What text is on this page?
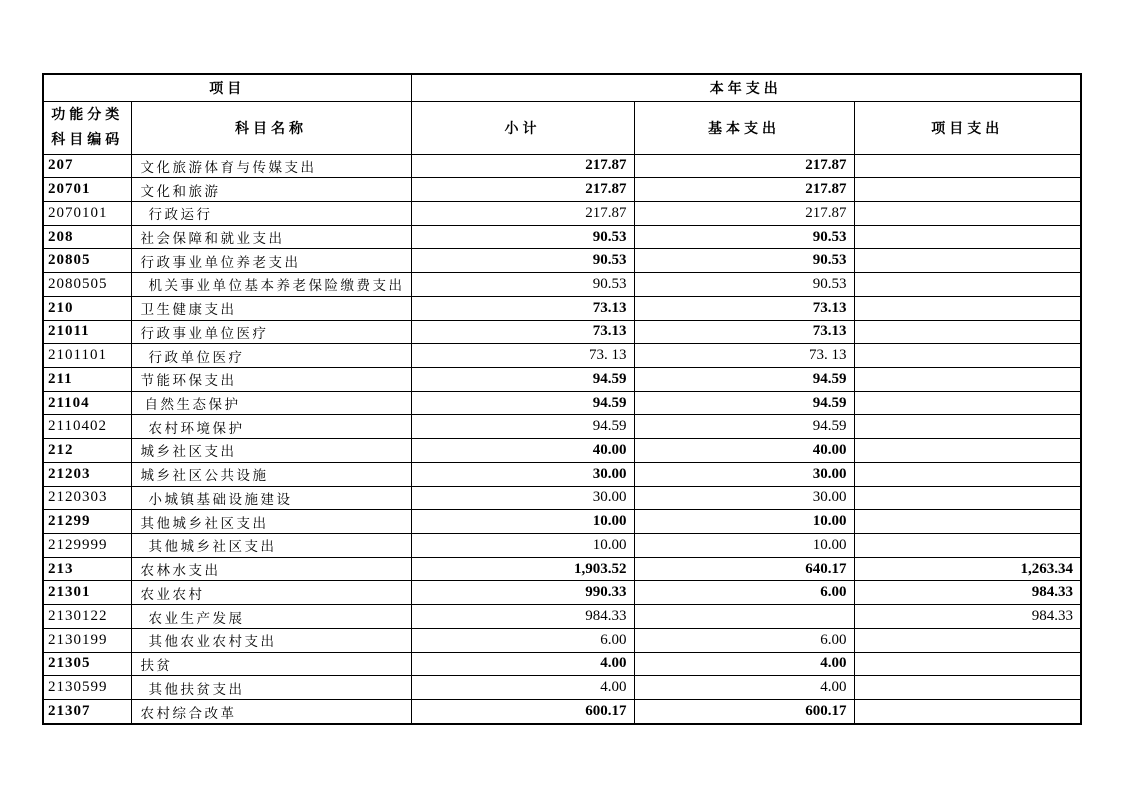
项目		本年支出		

功能分类
科目编码	科目名称	小计	基本支出	项目支出
207	文化旅游体育与传媒支出	217.87	217.87	
20701	文化和旅游	217.87	217.87	
2070101	行政运行	217.87	217.87	
208	社会保障和就业支出	90.53	90.53	
20805	行政事业单位养老支出	90.53	90.53	
2080505	机关事业单位基本养老保险缴费支出	90.53	90.53	
210	卫生健康支出	73.13	73.13	
21011	行政事业单位医疗	73.13	73.13	
2101101	行政单位医疗	73. 13	73. 13	
211	节能环保支出	94.59	94.59	
21104	自然生态保护	94.59	94.59	
2110402	农村环境保护	94.59	94.59	
212	城乡社区支出	40.00	40.00	
21203	城乡社区公共设施	30.00	30.00	
2120303	小城镇基础设施建设	30.00	30.00	
21299	其他城乡社区支出	10.00	10.00	
2129999	其他城乡社区支出	10.00	10.00	
213	农林水支出	1,903.52	640.17	1,263.34
21301	农业农村	990.33	6.00	984.33
2130122	农业生产发展	984.33		984.33
2130199	其他农业农村支出	6.00	6.00	
21305	扶贫	4.00	4.00	
2130599	其他扶贫支出	4.00	4.00	
21307	农村综合改革	600.17	600.17	
